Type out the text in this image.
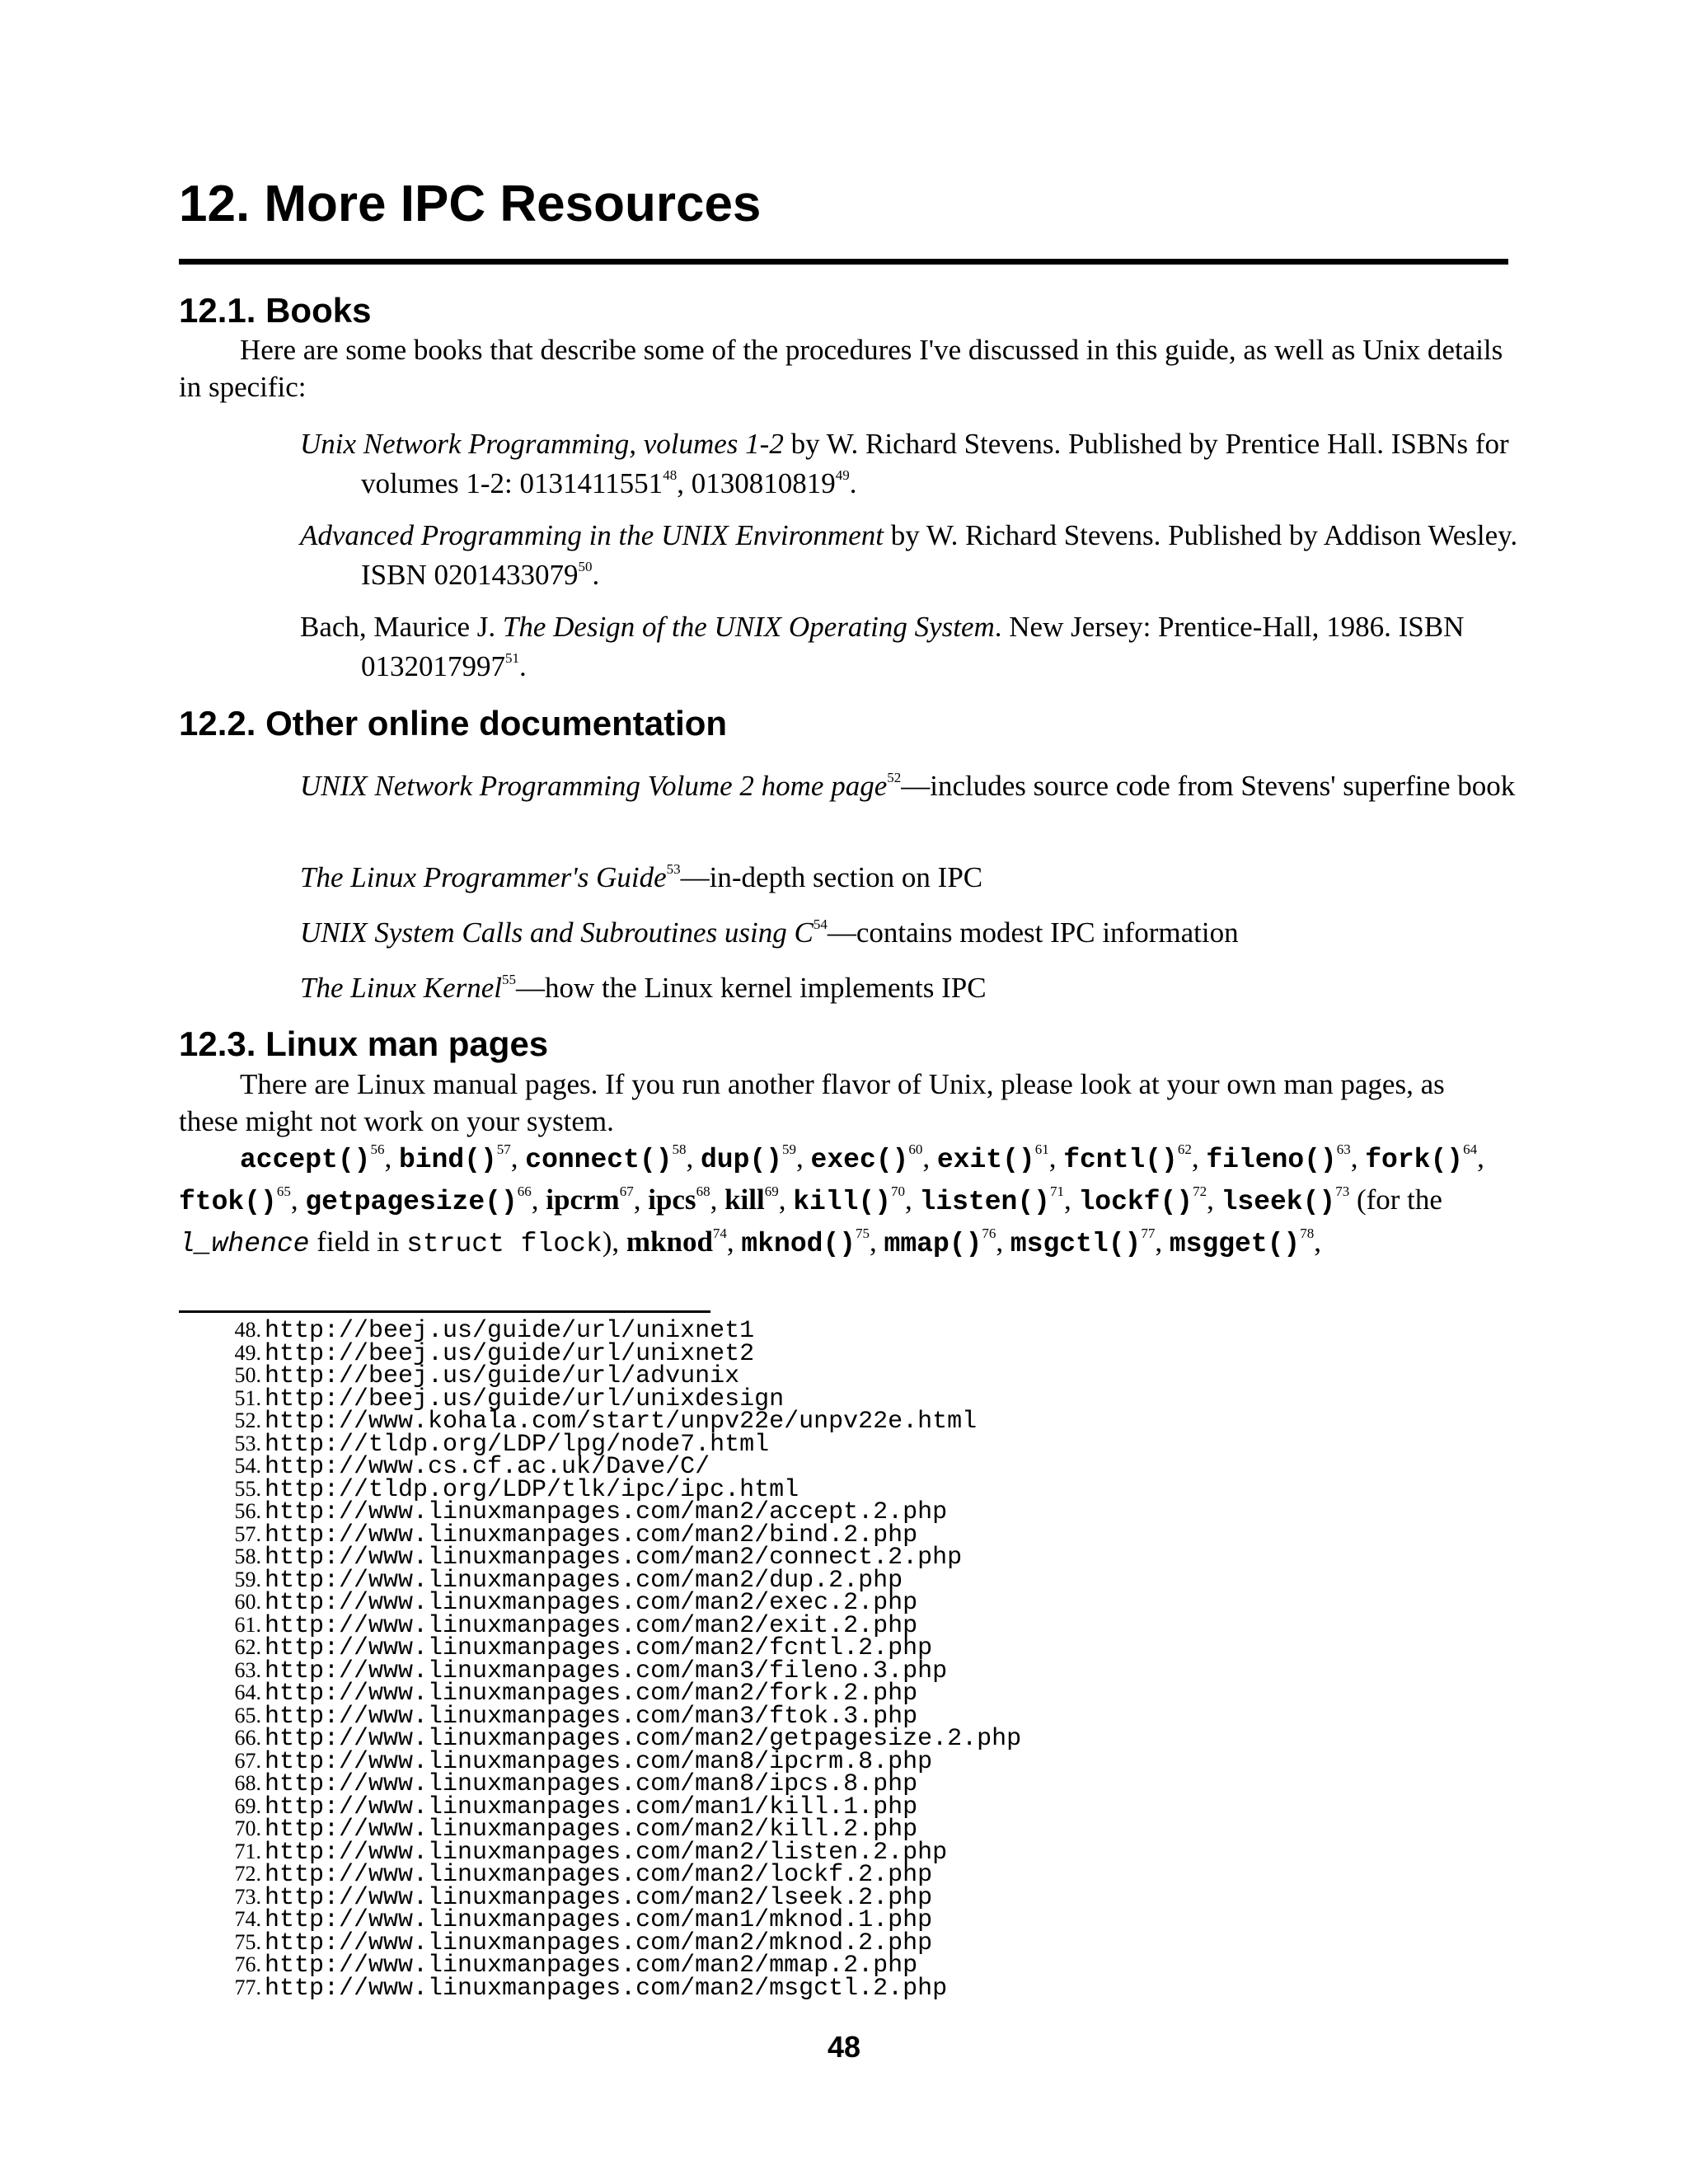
12. More IPC Resources
12.1. Books

Here are some books that describe some of the procedures I've discussed in this guide, as well as Unix details in specific:

Unix Network Programming, volumes 1-2 by W. Richard Stevens. Published by Prentice Hall. ISBNs for volumes 1-2: 0131411551$^{48}$, 0130810819$^{49}$.

Advanced Programming in the UNIX Environment by W. Richard Stevens. Published by Addison Wesley. ISBN 0201433079$^{50}$.

Bach, Maurice J. The Design of the UNIX Operating System. New Jersey: Prentice-Hall, 1986. ISBN 0132017997$^{51}$.

12.2. Other online documentation

UNIX Network Programming Volume 2 home page$^{52}$—includes source code from Stevens' superfine book

The Linux Programmer's Guide$^{53}$—in-depth section on IPC

UNIX System Calls and Subroutines using C$^{54}$—contains modest IPC information

The Linux Kernel$^{55}$—how the Linux kernel implements IPC

12.3. Linux man pages

There are Linux manual pages. If you run another flavor of Unix, please look at your own man pages, as these might not work on your system.

accept()$^{56}$, bind()$^{57}$, connect()$^{58}$, dup()$^{59}$, exec()$^{60}$, exit()$^{61}$, fcntl()$^{62}$, fileno()$^{63}$, fork()$^{64}$, ftok()$^{65}$, getpagesize()$^{66}$, ipcrm$^{67}$, ipcs$^{68}$, kill$^{69}$, kill()$^{70}$, listen()$^{71}$, lockf()$^{72}$, lseek()$^{73}$ (for the l_whence field in struct flock), mknod$^{74}$, mknod()$^{75}$, mmap()$^{76}$, msgctl()$^{77}$, msgget()$^{78}$,

48. http://beej.us/guide/url/unixnet1
49. http://beej.us/guide/url/unixnet2
50. http://beej.us/guide/url/advunix
51. http://beej.us/guide/url/unixdesign
52. http://www.kohala.com/start/unpv22e/unpv22e.html
53. http://tldp.org/LDP/lpg/node7.html
54. http://www.cs.cf.ac.uk/Dave/C/
55. http://tldp.org/LDP/tlk/ipc/ipc.html
56. http://www.linuxmanpages.com/man2/accept.2.php
57. http://www.linuxmanpages.com/man2/bind.2.php
58. http://www.linuxmanpages.com/man2/connect.2.php
59. http://www.linuxmanpages.com/man2/dup.2.php
60. http://www.linuxmanpages.com/man2/exec.2.php
61. http://www.linuxmanpages.com/man2/exit.2.php
62. http://www.linuxmanpages.com/man2/fcntl.2.php
63. http://www.linuxmanpages.com/man3/fileno.3.php
64. http://www.linuxmanpages.com/man2/fork.2.php
65. http://www.linuxmanpages.com/man3/ftok.3.php
66. http://www.linuxmanpages.com/man2/getpagesize.2.php
67. http://www.linuxmanpages.com/man8/ipcrm.8.php
68. http://www.linuxmanpages.com/man8/ipcs.8.php
69. http://www.linuxmanpages.com/man1/kill.1.php
70. http://www.linuxmanpages.com/man2/kill.2.php
71. http://www.linuxmanpages.com/man2/listen.2.php
72. http://www.linuxmanpages.com/man2/lockf.2.php
73. http://www.linuxmanpages.com/man2/lseek.2.php
74. http://www.linuxmanpages.com/man1/mknod.1.php
75. http://www.linuxmanpages.com/man2/mknod.2.php
76. http://www.linuxmanpages.com/man2/mmap.2.php
77. http://www.linuxmanpages.com/man2/msgctl.2.php
48
